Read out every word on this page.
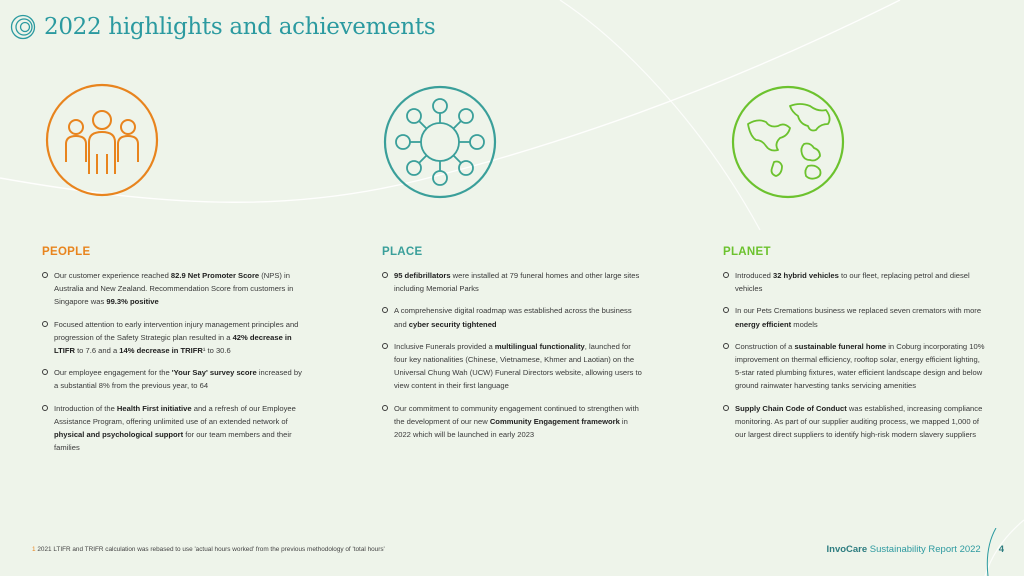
2022 highlights and achievements
PEOPLE
Our customer experience reached 82.9 Net Promoter Score (NPS) in Australia and New Zealand. Recommendation Score from customers in Singapore was 99.3% positive
Focused attention to early intervention injury management principles and progression of the Safety Strategic plan resulted in a 42% decrease in LTIFR to 7.6 and a 14% decrease in TRIFR¹ to 30.6
Our employee engagement for the 'Your Say' survey score increased by a substantial 8% from the previous year, to 64
Introduction of the Health First initiative and a refresh of our Employee Assistance Program, offering unlimited use of an extended network of physical and psychological support for our team members and their families
PLACE
95 defibrillators were installed at 79 funeral homes and other large sites including Memorial Parks
A comprehensive digital roadmap was established across the business and cyber security tightened
Inclusive Funerals provided a multilingual functionality, launched for four key nationalities (Chinese, Vietnamese, Khmer and Laotian) on the Universal Chung Wah (UCW) Funeral Directors website, allowing users to view content in their first language
Our commitment to community engagement continued to strengthen with the development of our new Community Engagement framework in 2022 which will be launched in early 2023
PLANET
Introduced 32 hybrid vehicles to our fleet, replacing petrol and diesel vehicles
In our Pets Cremations business we replaced seven cremators with more energy efficient models
Construction of a sustainable funeral home in Coburg incorporating 10% improvement on thermal efficiency, rooftop solar, energy efficient lighting, 5-star rated plumbing fixtures, water efficient landscape design and below ground rainwater harvesting tanks servicing amenities
Supply Chain Code of Conduct was established, increasing compliance monitoring. As part of our supplier auditing process, we mapped 1,000 of our largest direct suppliers to identify high-risk modern slavery suppliers
1 2021 LTIFR and TRIFR calculation was rebased to use 'actual hours worked' from the previous methodology of 'total hours'	InvoCare Sustainability Report 2022 4
